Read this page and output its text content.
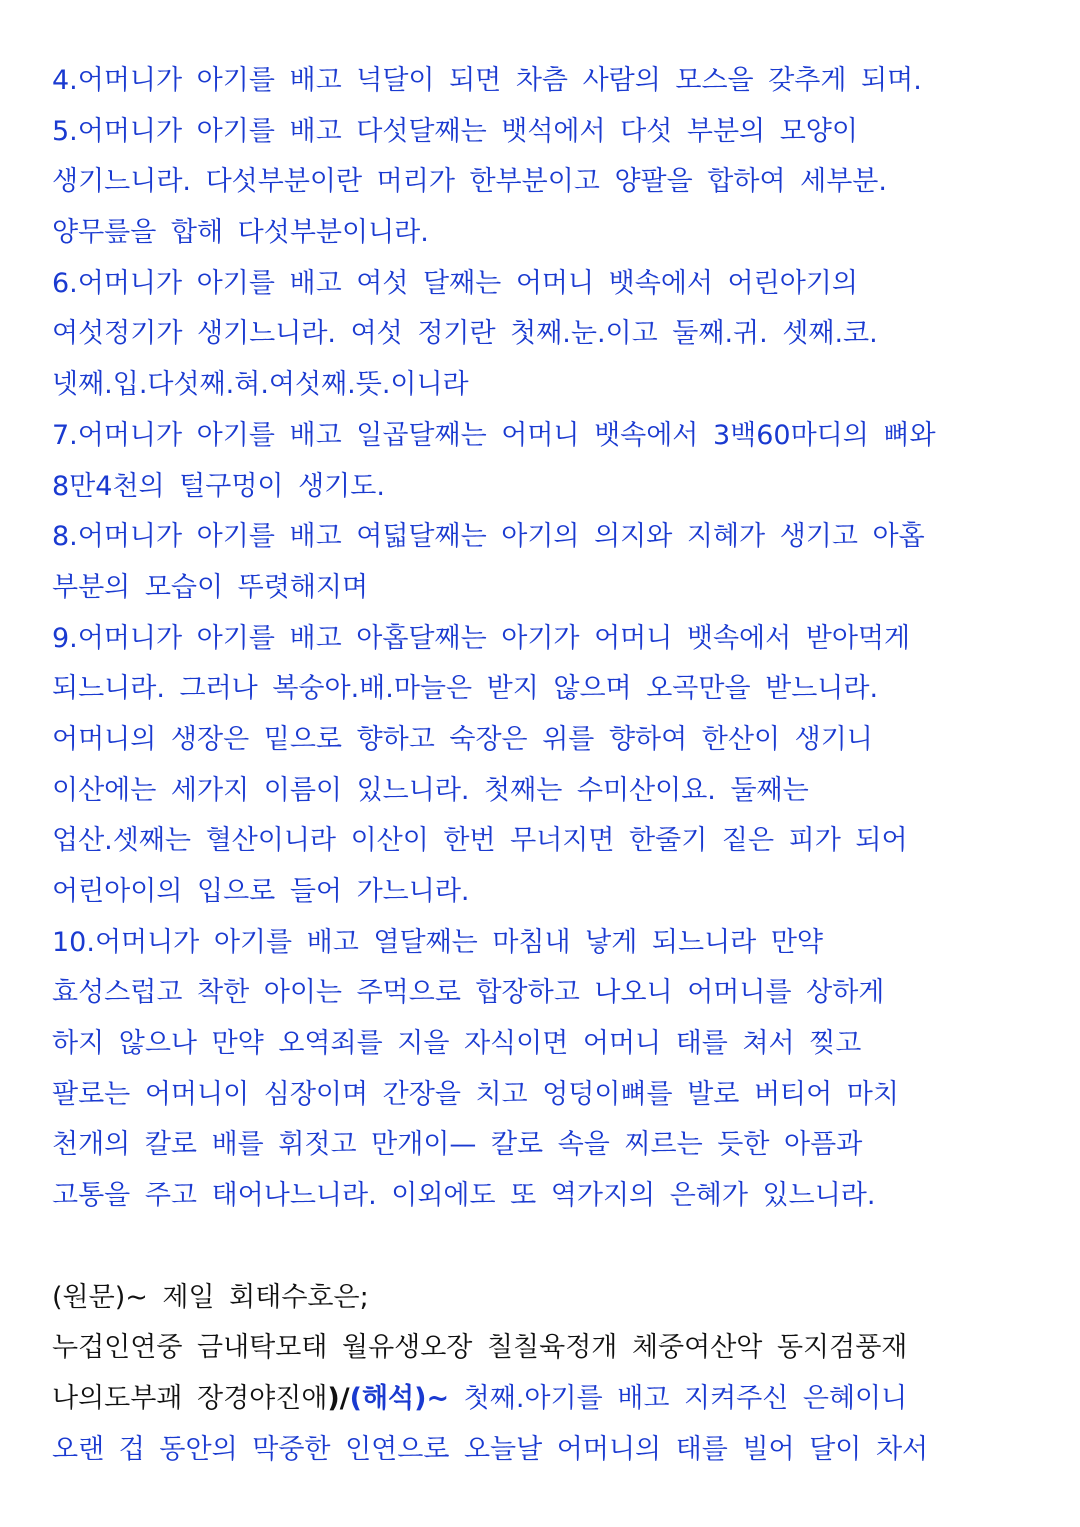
4.어머니가 아기를 배고 넉달이 되면 차츰 사람의 모스을 갖추게 되며.
5.어머니가 아기를 배고 다섯달째는 뱃석에서 다섯 부분의 모양이
생기느니라. 다섯부분이란 머리가 한부분이고 양팔을 합하여 세부분.
양무릎을 합해 다섯부분이니라.
6.어머니가 아기를 배고 여섯 달째는 어머니 뱃속에서 어린아기의
여섯정기가 생기느니라. 여섯 정기란 첫째.눈.이고 둘째.귀. 셋째.코.
넷째.입.다섯째.혀.여섯째.뜻.이니라
7.어머니가 아기를 배고 일곱달째는 어머니 뱃속에서 3백60마디의 뼈와
8만4천의 털구멍이 생기도.
8.어머니가 아기를 배고 여덟달째는 아기의 의지와 지혜가 생기고 아홉
부분의 모습이 뚜렷해지며
9.어머니가 아기를 배고 아홉달째는 아기가 어머니 뱃속에서 받아먹게
되느니라. 그러나 복숭아.배.마늘은 받지 않으며 오곡만을 받느니라.
어머니의 생장은 밑으로 향하고 숙장은 위를 향하여 한산이 생기니
이산에는 세가지 이름이 있느니라. 첫째는 수미산이요. 둘째는
업산.셋째는 혈산이니라 이산이 한번 무너지면 한줄기 짙은 피가 되어
어린아이의 입으로 들어 가느니라.
10.어머니가 아기를 배고 열달째는 마침내 낳게 되느니라 만약
효성스럽고 착한 아이는 주먹으로 합장하고 나오니 어머니를 상하게
하지 않으나 만약 오역죄를 지을 자식이면 어머니 태를 쳐서 찢고
팔로는 어머니이 심장이며 간장을 치고 엉덩이뼈를 발로 버티어 마치
천개의 칼로 배를 휘젓고 만개이— 칼로 속을 찌르는 듯한 아픔과
고통을 주고 태어나느니라. 이외에도 또 역가지의 은혜가 있느니라.
(원문)~ 제일 회태수호은;
누겁인연중 금내탁모태 월유생오장 칠칠육정개 체중여산악 동지검풍재
나의도부괘 장경야진애)/(해석)~ 첫째.아기를 배고 지켜주신 은혜이니
오랜 겁 동안의 막중한 인연으로 오늘날 어머니의 태를 빌어 달이 차서
